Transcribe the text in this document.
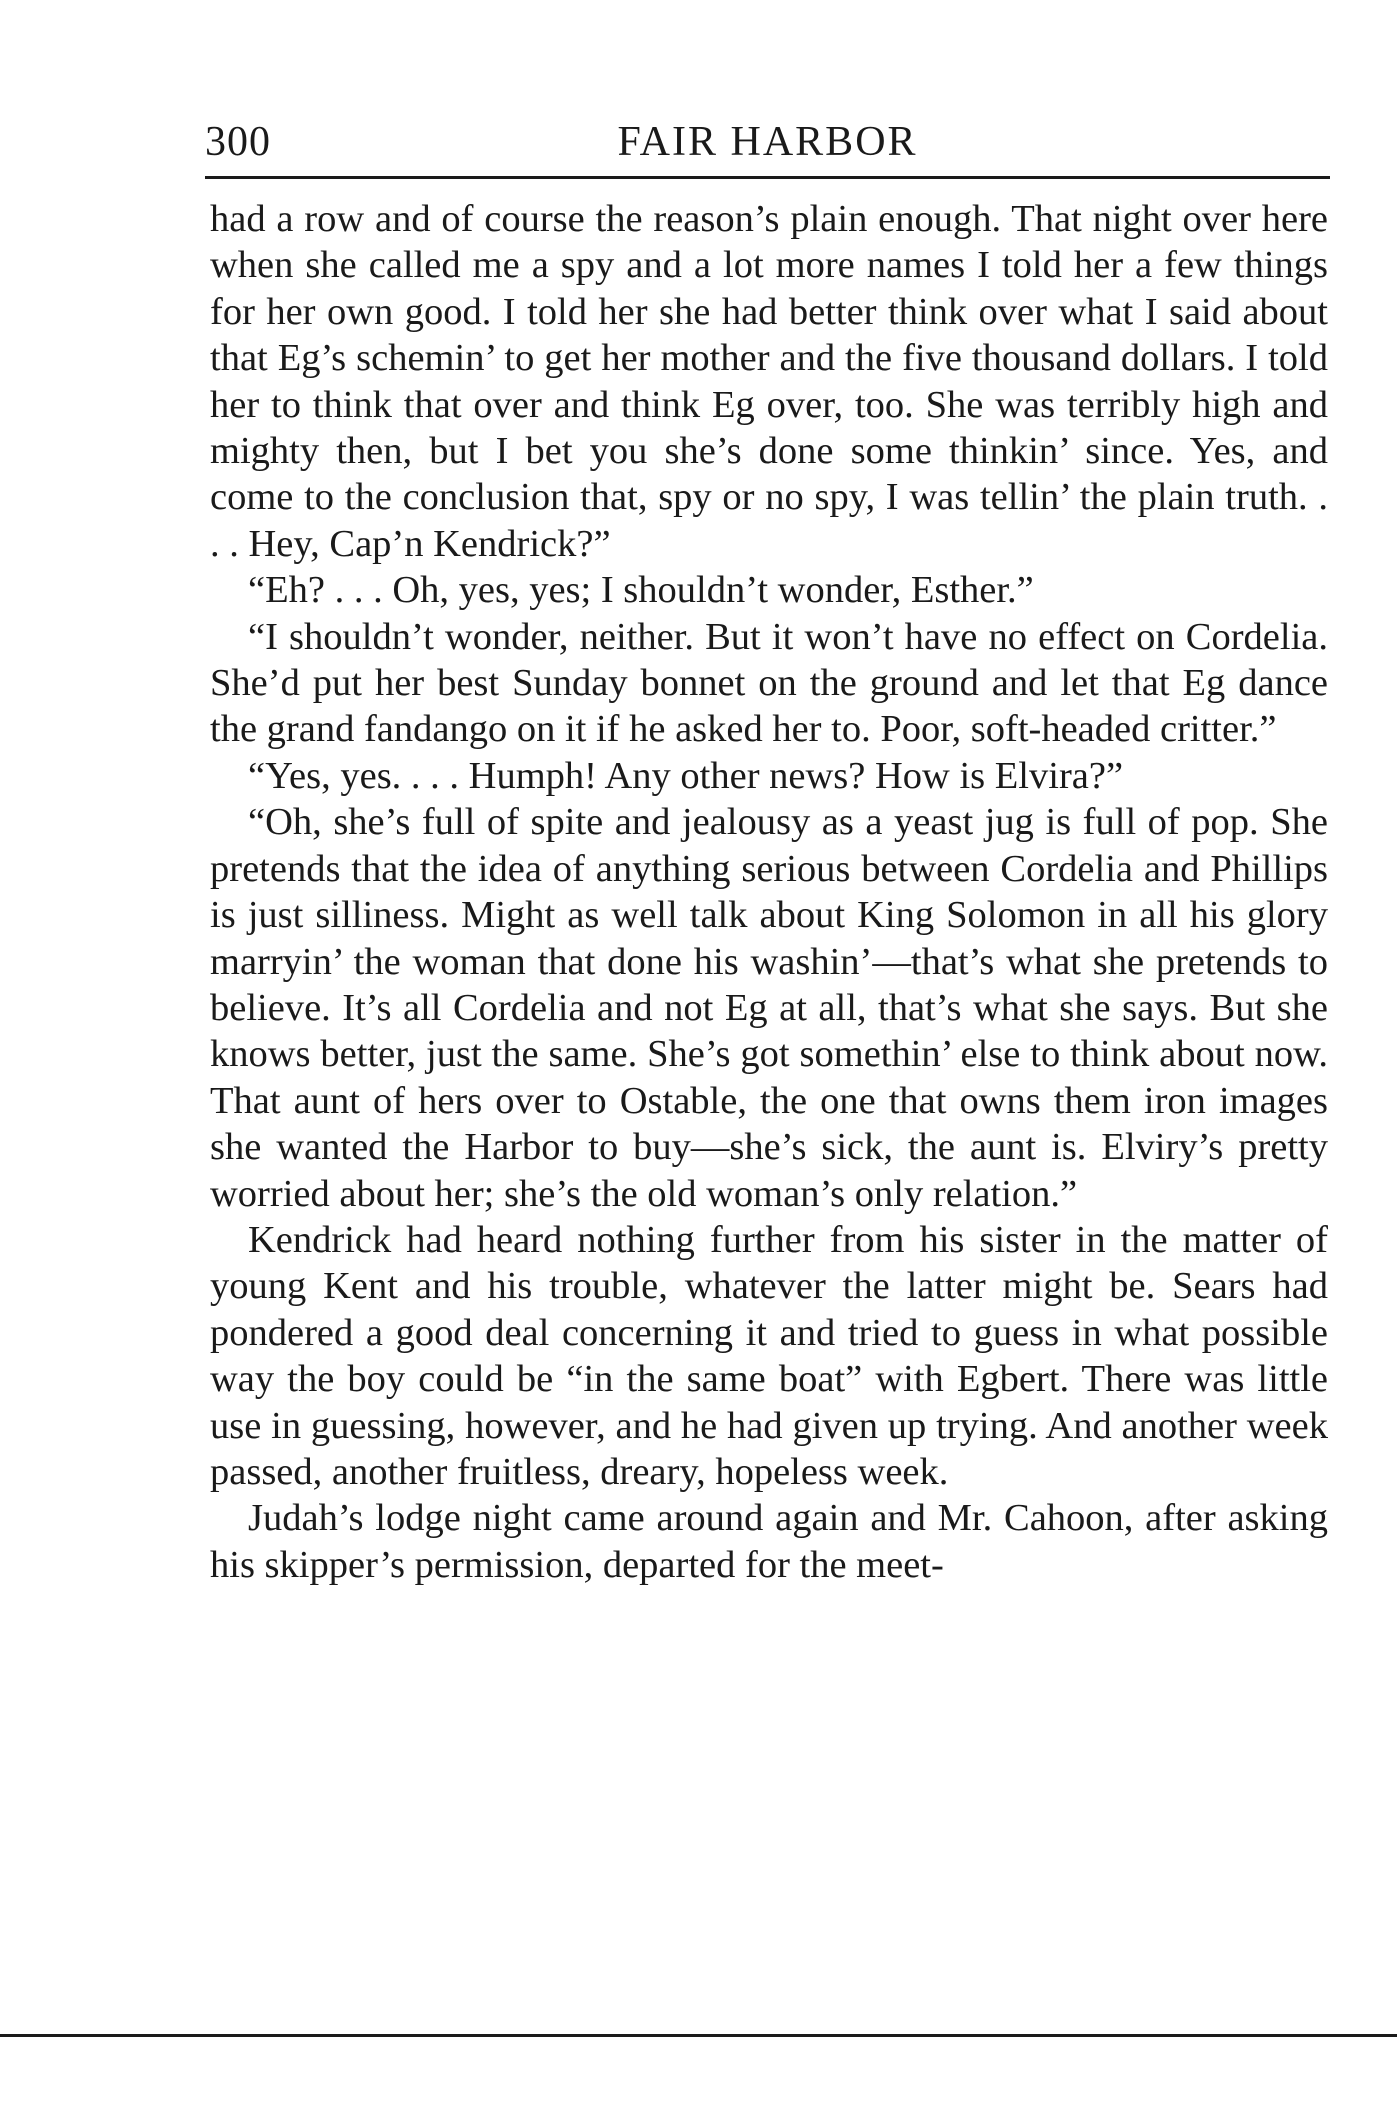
300	FAIR HARBOR

had a row and of course the reason’s plain enough. That night over here when she called me a spy and a lot more names I told her a few things for her own good. I told her she had better think over what I said about that Eg’s schemin’ to get her mother and the five thousand dollars. I told her to think that over and think Eg over, too. She was terribly high and mighty then, but I bet you she’s done some thinkin’ since. Yes, and come to the conclusion that, spy or no spy, I was tellin’ the plain truth. . . . Hey, Cap’n Kendrick?”

“Eh? . . . Oh, yes, yes; I shouldn’t wonder, Esther.”

“I shouldn’t wonder, neither. But it won’t have no effect on Cordelia. She’d put her best Sunday bonnet on the ground and let that Eg dance the grand fandango on it if he asked her to. Poor, soft-headed critter.”

“Yes, yes. . . . Humph! Any other news? How is Elvira?”

“Oh, she’s full of spite and jealousy as a yeast jug is full of pop. She pretends that the idea of anything serious between Cordelia and Phillips is just silliness. Might as well talk about King Solomon in all his glory marryin’ the woman that done his washin’—that’s what she pretends to believe. It’s all Cordelia and not Eg at all, that’s what she says. But she knows better, just the same. She’s got somethin’ else to think about now. That aunt of hers over to Ostable, the one that owns them iron images she wanted the Harbor to buy—she’s sick, the aunt is. Elviry’s pretty worried about her; she’s the old woman’s only relation.”

Kendrick had heard nothing further from his sister in the matter of young Kent and his trouble, whatever the latter might be. Sears had pondered a good deal concerning it and tried to guess in what possible way the boy could be “in the same boat” with Egbert. There was little use in guessing, however, and he had given up trying. And another week passed, another fruitless, dreary, hopeless week.

Judah’s lodge night came around again and Mr. Cahoon, after asking his skipper’s permission, departed for the meet-
